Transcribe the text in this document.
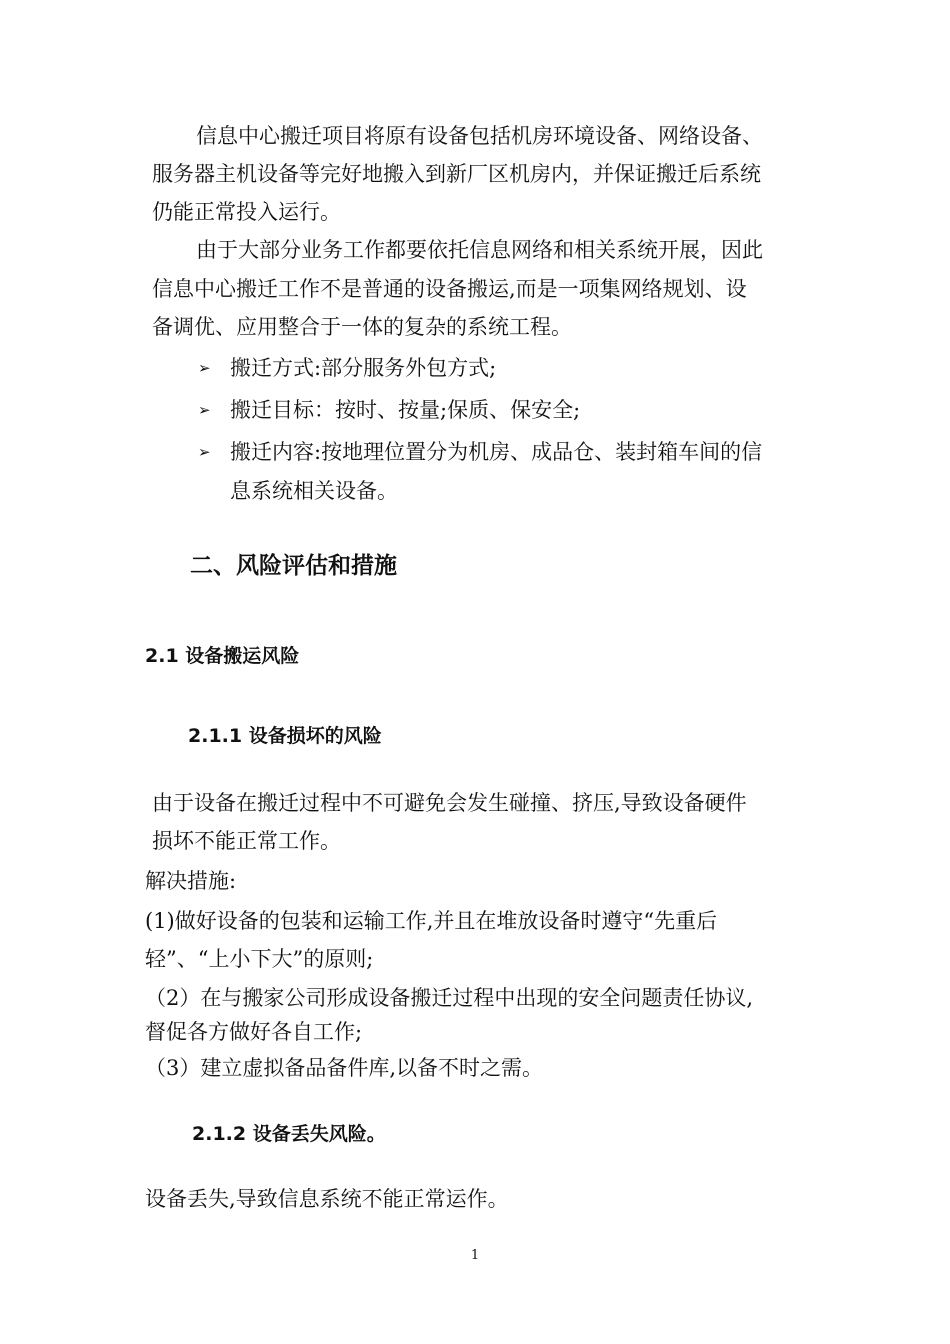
信息中心搬迁项目将原有设备包括机房环境设备、网络设备、
服务器主机设备等完好地搬入到新厂区机房内，并保证搬迁后系统
仍能正常投入运行。
由于大部分业务工作都要依托信息网络和相关系统开展，因此
信息中心搬迁工作不是普通的设备搬运,而是一项集网络规划、设
备调优、应用整合于一体的复杂的系统工程。
➢ 搬迁方式:部分服务外包方式;
➢ 搬迁目标：按时、按量;保质、保安全;
➢ 搬迁内容:按地理位置分为机房、成品仓、装封箱车间的信
息系统相关设备。
二、风险评估和措施
2.1 设备搬运风险
2.1.1 设备损坏的风险
由于设备在搬迁过程中不可避免会发生碰撞、挤压,导致设备硬件
损坏不能正常工作。
解决措施:
(1)做好设备的包装和运输工作,并且在堆放设备时遵守“先重后
轻”、“上小下大”的原则;
（2）在与搬家公司形成设备搬迁过程中出现的安全问题责任协议,
督促各方做好各自工作;
（3）建立虚拟备品备件库,以备不时之需。
2.1.2 设备丢失风险。
设备丢失,导致信息系统不能正常运作。
1
